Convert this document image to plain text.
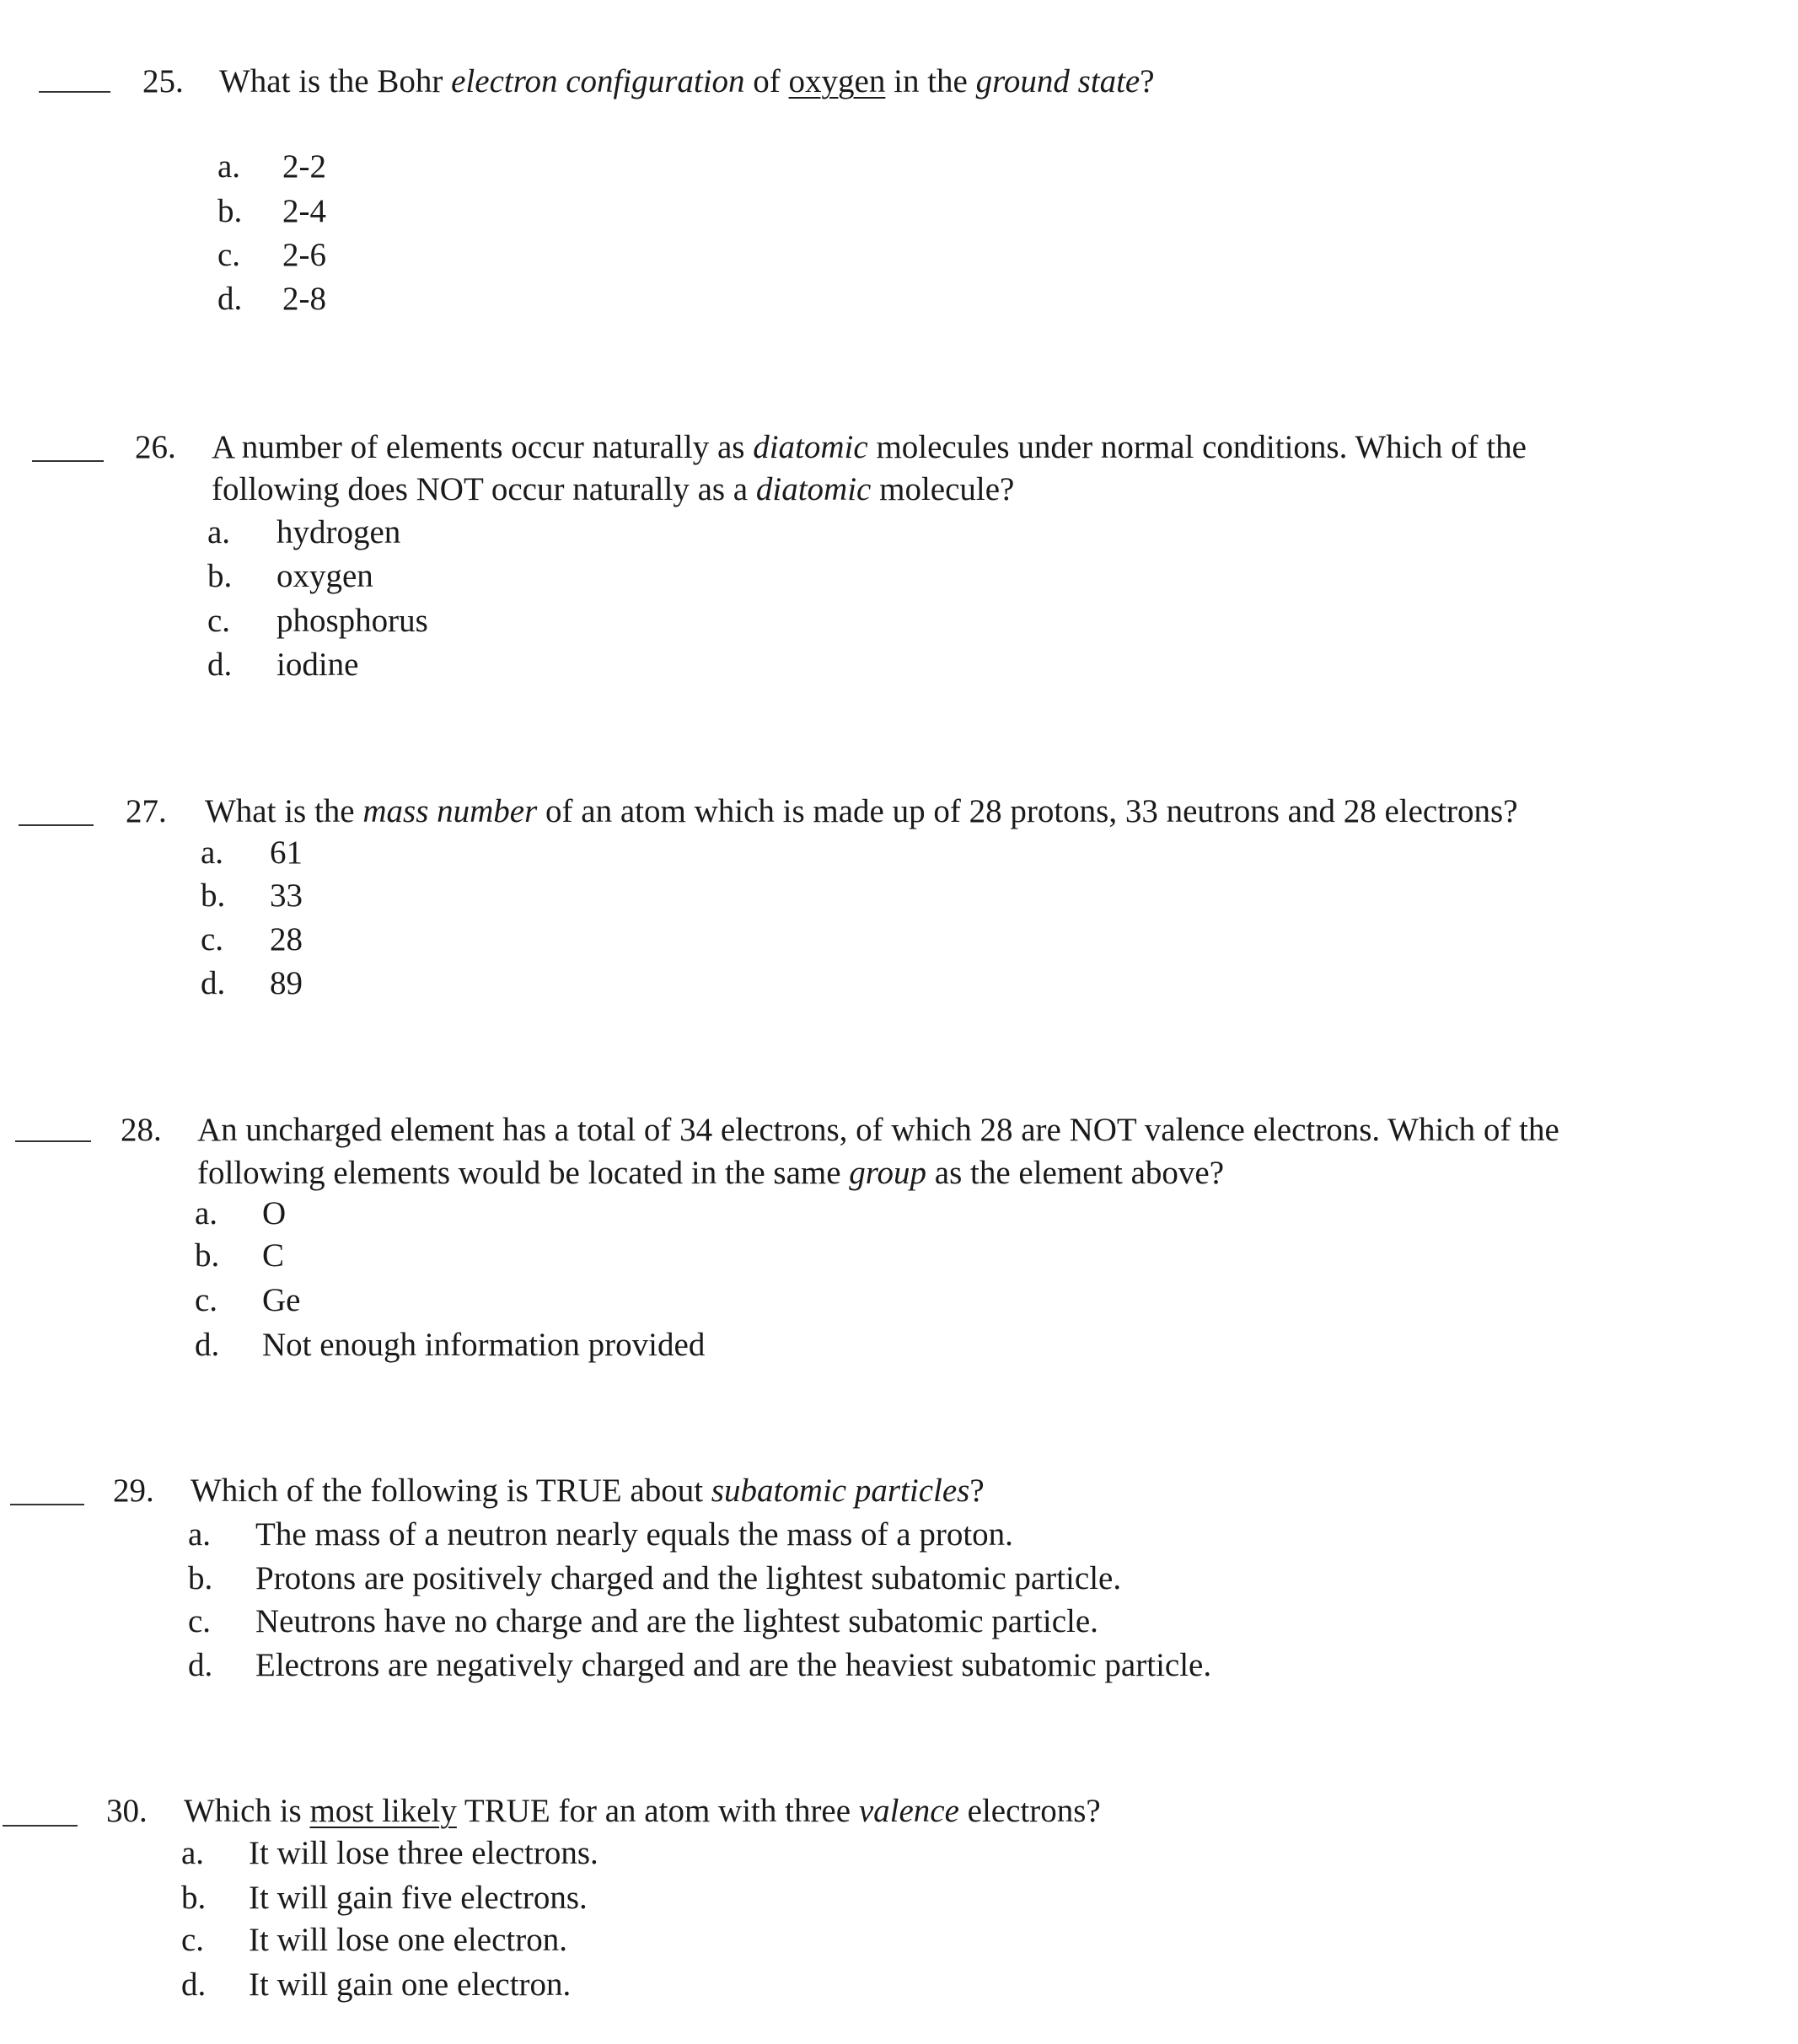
25. What is the Bohr electron configuration of oxygen in the ground state?
a. 2-2
b. 2-4
c. 2-6
d. 2-8
26. A number of elements occur naturally as diatomic molecules under normal conditions. Which of the
following does NOT occur naturally as a diatomic molecule?
a. hydrogen
b. oxygen
c. phosphorus
d. iodine
27. What is the mass number of an atom which is made up of 28 protons, 33 neutrons and 28 electrons?
a. 61
b. 33
c. 28
d. 89
28. An uncharged element has a total of 34 electrons, of which 28 are NOT valence electrons. Which of the
following elements would be located in the same group as the element above?
a. O
b. C
c. Ge
d. Not enough information provided
29. Which of the following is TRUE about subatomic particles?
a. The mass of a neutron nearly equals the mass of a proton.
b. Protons are positively charged and the lightest subatomic particle.
c. Neutrons have no charge and are the lightest subatomic particle.
d. Electrons are negatively charged and are the heaviest subatomic particle.
30. Which is most likely TRUE for an atom with three valence electrons?
a. It will lose three electrons.
b. It will gain five electrons.
c. It will lose one electron.
d. It will gain one electron.
